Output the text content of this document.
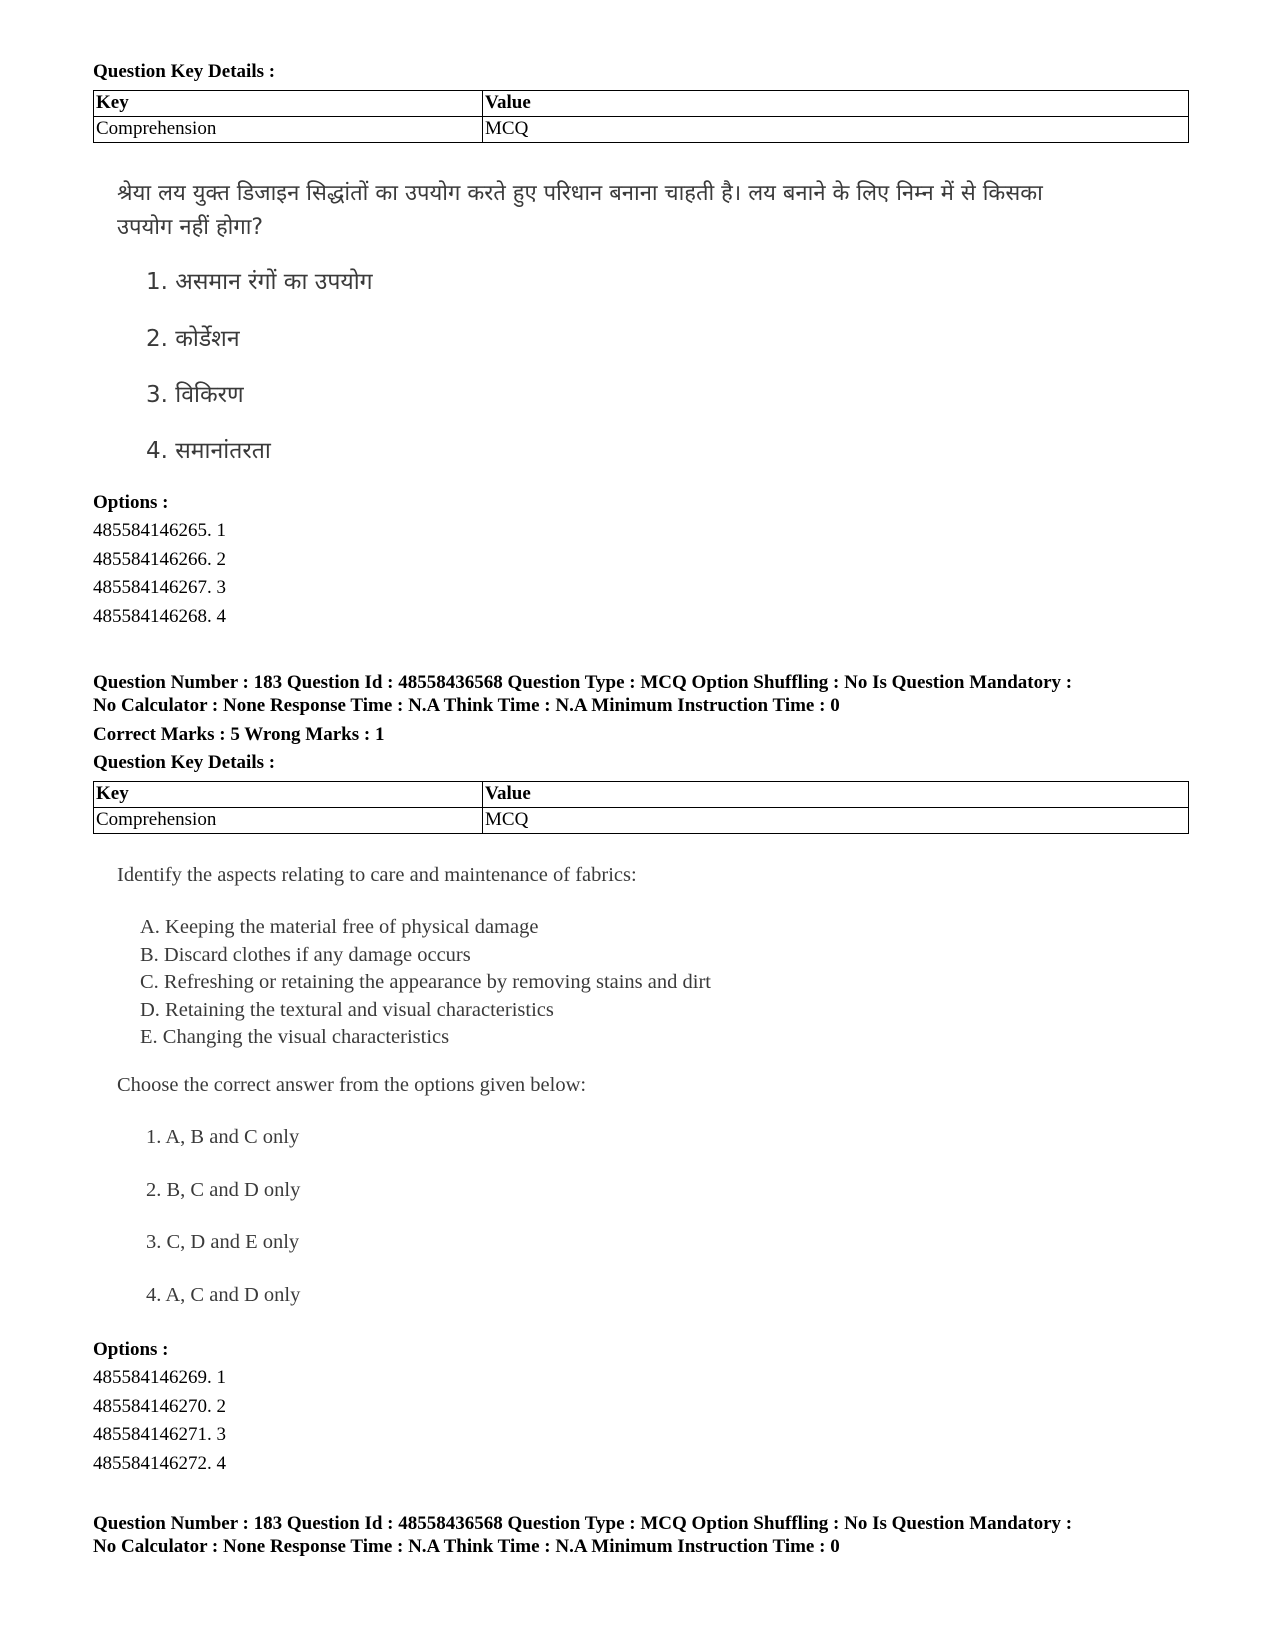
Question Key Details :
Key	Value
Comprehension	MCQ
श्रेया लय युक्त डिजाइन सिद्धांतों का उपयोग करते हुए परिधान बनाना चाहती है। लय बनाने के लिए निम्न में से किसका
उपयोग नहीं होगा?
1. असमान रंगों का उपयोग
2. कोर्डेशन
3. विकिरण
4. समानांतरता
Options :
485584146265. 1
485584146266. 2
485584146267. 3
485584146268. 4
Question Number : 183 Question Id : 48558436568 Question Type : MCQ Option Shuffling : No Is Question Mandatory :
No Calculator : None Response Time : N.A Think Time : N.A Minimum Instruction Time : 0
Correct Marks : 5 Wrong Marks : 1
Question Key Details :
Key	Value
Comprehension	MCQ
Identify the aspects relating to care and maintenance of fabrics:
A. Keeping the material free of physical damage
B. Discard clothes if any damage occurs
C. Refreshing or retaining the appearance by removing stains and dirt
D. Retaining the textural and visual characteristics
E. Changing the visual characteristics
Choose the correct answer from the options given below:
1. A, B and C only
2. B, C and D only
3. C, D and E only
4. A, C and D only
Options :
485584146269. 1
485584146270. 2
485584146271. 3
485584146272. 4
Question Number : 183 Question Id : 48558436568 Question Type : MCQ Option Shuffling : No Is Question Mandatory :
No Calculator : None Response Time : N.A Think Time : N.A Minimum Instruction Time : 0
